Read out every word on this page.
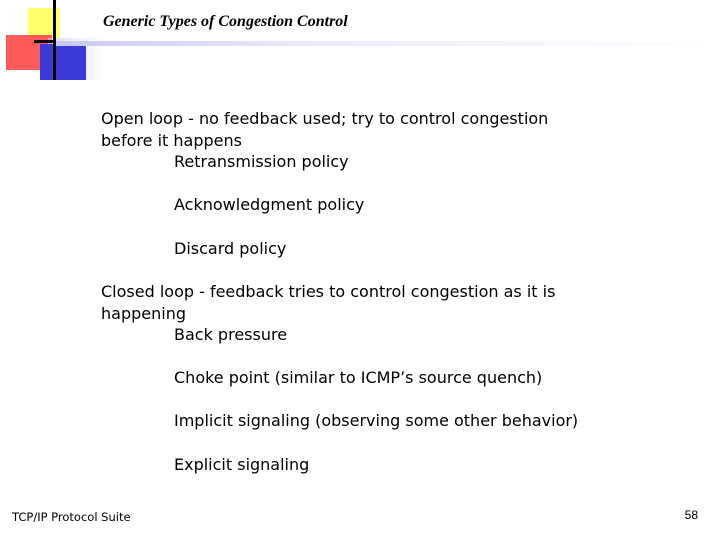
Generic Types of Congestion Control
Open loop - no feedback used; try to control congestion
before it happens
Retransmission policy
Acknowledgment policy
Discard policy
Closed loop - feedback tries to control congestion as it is
happening
Back pressure
Choke point (similar to ICMP’s source quench)
Implicit signaling (observing some other behavior)
Explicit signaling
TCP/IP Protocol Suite	58
